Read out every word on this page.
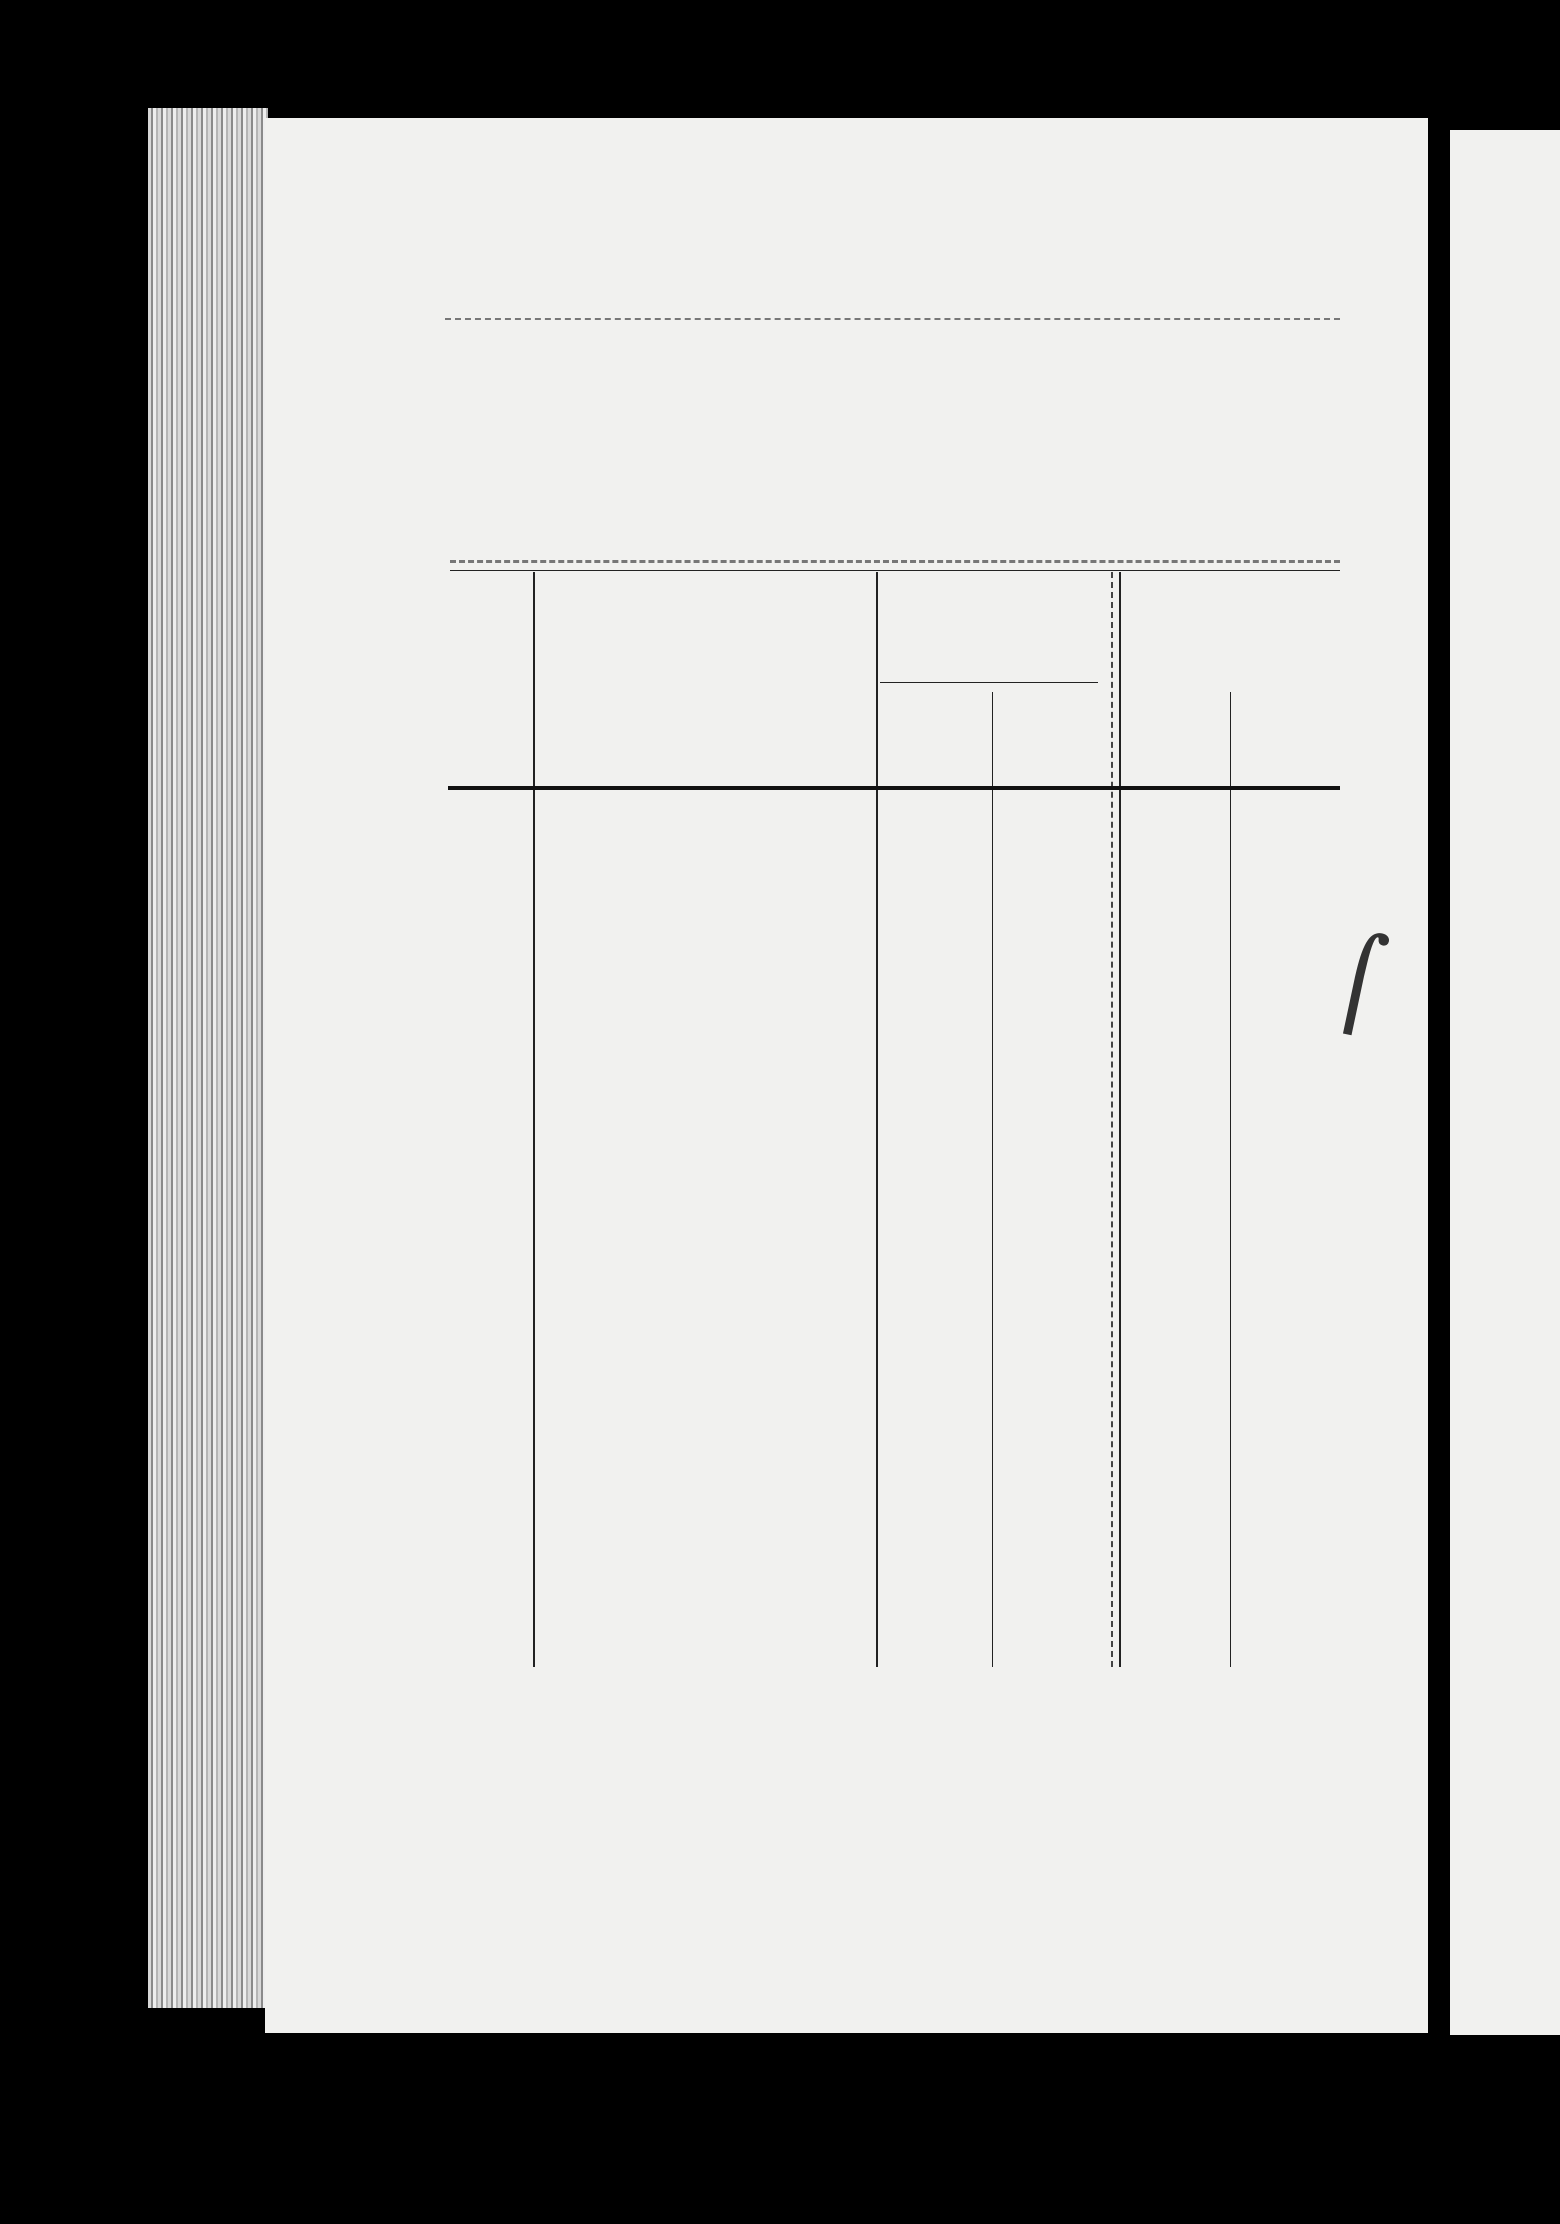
⌠
